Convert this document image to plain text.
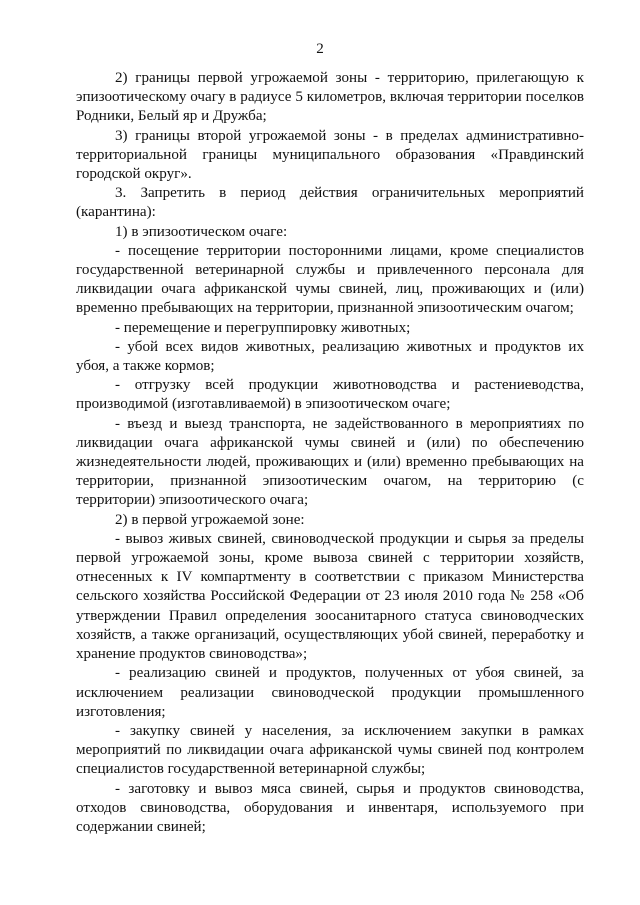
2

2) границы первой угрожаемой зоны - территорию, прилегающую к эпизоотическому очагу в радиусе 5 километров, включая территории поселков Родники, Белый яр и Дружба;

3) границы второй угрожаемой зоны - в пределах административно-территориальной границы муниципального образования «Правдинский городской округ».

3. Запретить в период действия ограничительных мероприятий (карантина):

1) в эпизоотическом очаге:

- посещение территории посторонними лицами, кроме специалистов государственной ветеринарной службы и привлеченного персонала для ликвидации очага африканской чумы свиней, лиц, проживающих и (или) временно пребывающих на территории, признанной эпизоотическим очагом;

- перемещение и перегруппировку животных;

- убой всех видов животных, реализацию животных и продуктов их убоя, а также кормов;

- отгрузку всей продукции животноводства и растениеводства, производимой (изготавливаемой) в эпизоотическом очаге;

- въезд и выезд транспорта, не задействованного в мероприятиях по ликвидации очага африканской чумы свиней и (или) по обеспечению жизнедеятельности людей, проживающих и (или) временно пребывающих на территории, признанной эпизоотическим очагом, на территорию (с территории) эпизоотического очага;

2) в первой угрожаемой зоне:

- вывоз живых свиней, свиноводческой продукции и сырья за пределы первой угрожаемой зоны, кроме вывоза свиней с территории хозяйств, отнесенных к IV компартменту в соответствии с приказом Министерства сельского хозяйства Российской Федерации от 23 июля 2010 года № 258 «Об утверждении Правил определения зоосанитарного статуса свиноводческих хозяйств, а также организаций, осуществляющих убой свиней, переработку и хранение продуктов свиноводства»;

- реализацию свиней и продуктов, полученных от убоя свиней, за исключением реализации свиноводческой продукции промышленного изготовления;

- закупку свиней у населения, за исключением закупки в рамках мероприятий по ликвидации очага африканской чумы свиней под контролем специалистов государственной ветеринарной службы;

- заготовку и вывоз мяса свиней, сырья и продуктов свиноводства, отходов свиноводства, оборудования и инвентаря, используемого при содержании свиней;
